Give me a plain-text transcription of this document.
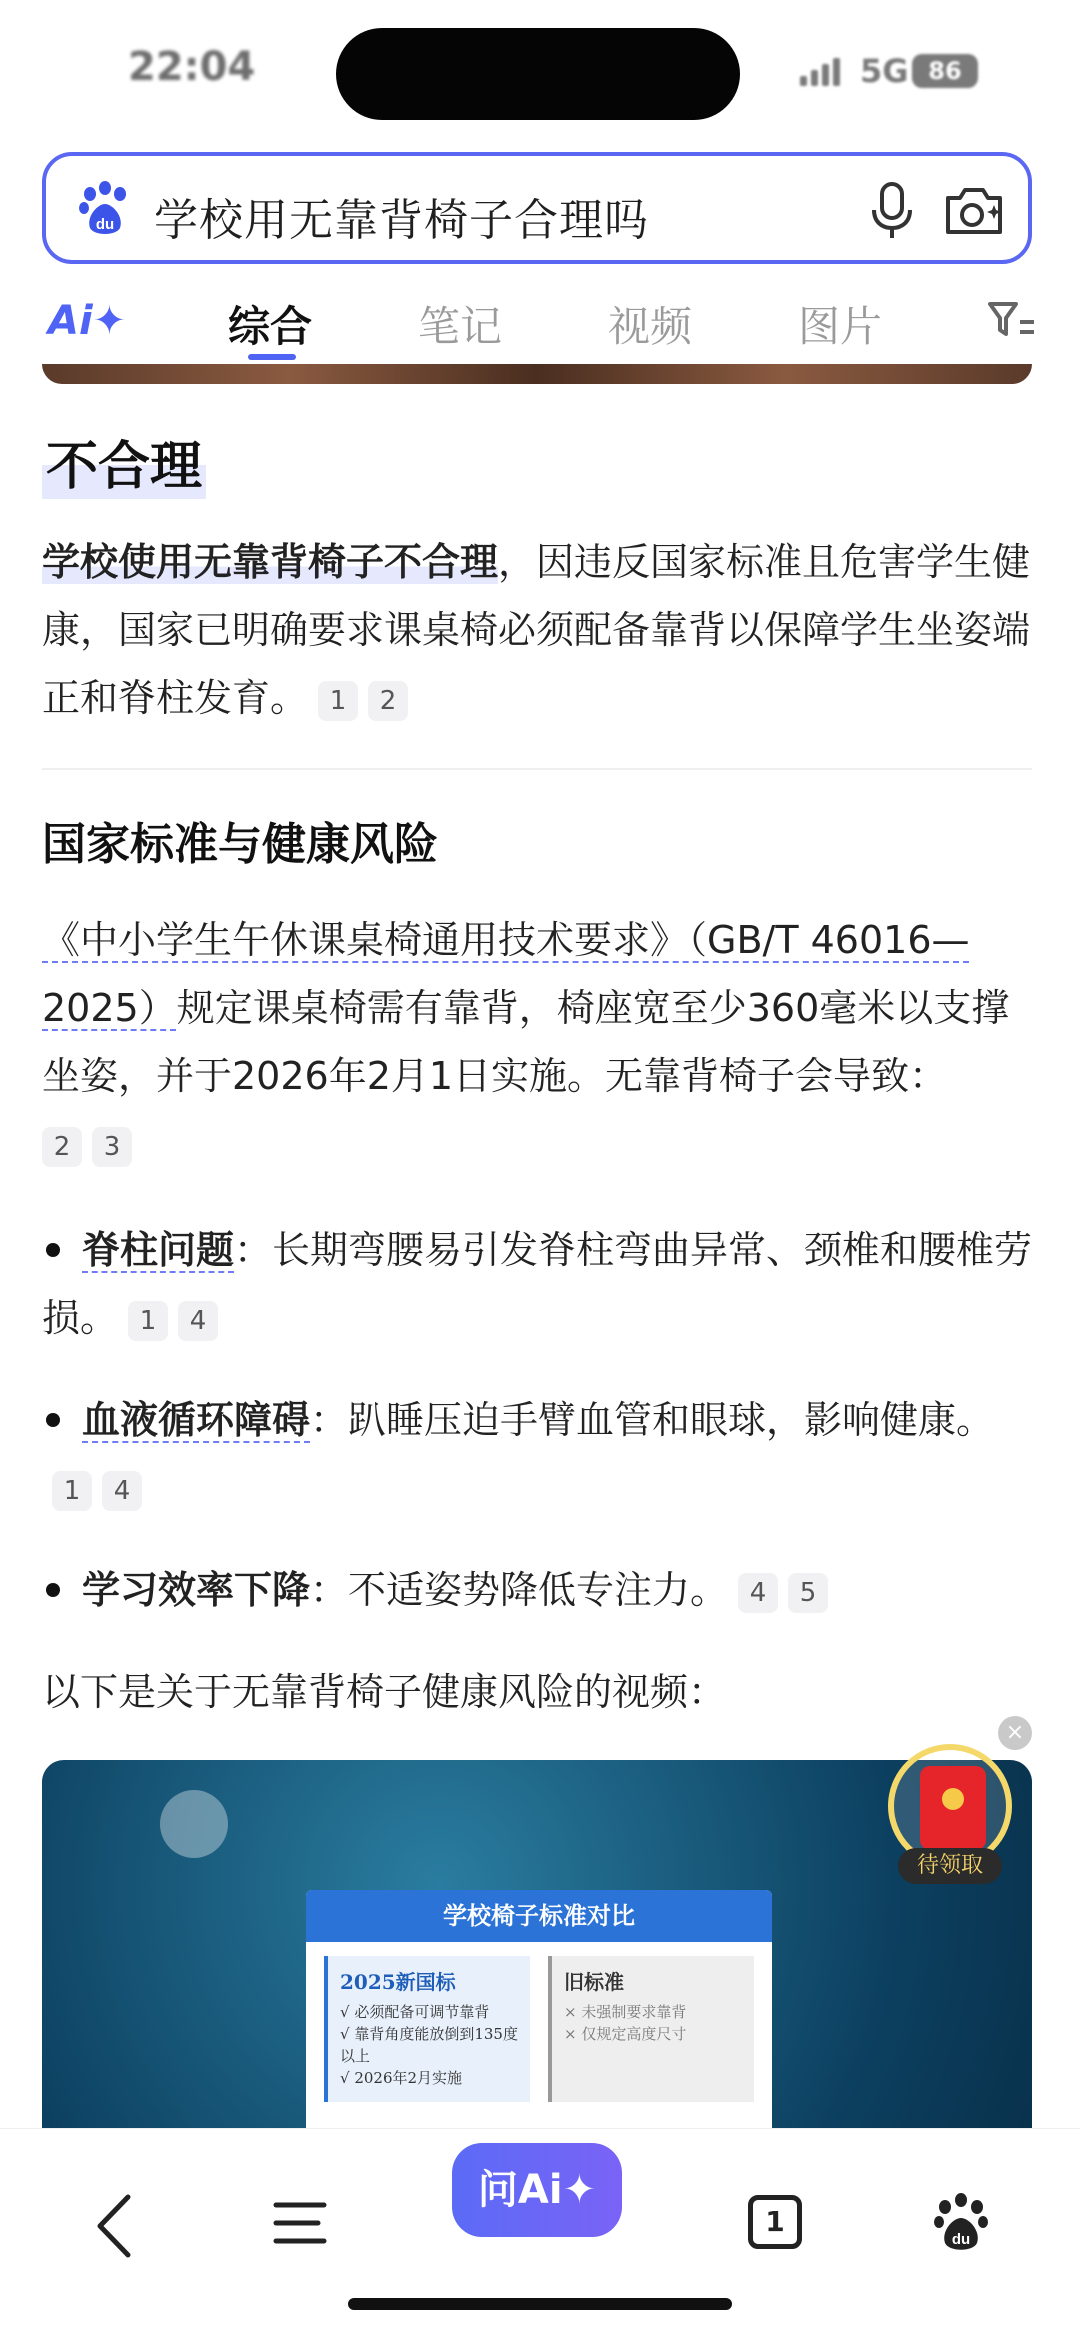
22:04	5G 86
du 学校用无靠背椅子合理吗
Ai✦ 综合	笔记	视频	图片
不合理
学校使用无靠背椅子不合理，因违反国家标准且危害学生健康，国家已明确要求课桌椅必须配备靠背以保障学生坐姿端正和脊柱发育。 1 2
国家标准与健康风险
《中小学生午休课桌椅通用技术要求》（GB/T 46016—2025）规定课桌椅需有靠背，椅座宽至少360毫米以支撑坐姿，并于2026年2月1日实施。无靠背椅子会导致：
2 3
脊柱问题：长期弯腰易引发脊柱弯曲异常、颈椎和腰椎劳损。 1 4
血液循环障碍：趴睡压迫手臂血管和眼球，影响健康。1 4
学习效率下降：不适姿势降低专注力。 4 5
以下是关于无靠背椅子健康风险的视频：
学校椅子标准对比
2025新国标
√ 必须配备可调节靠背
√ 靠背角度能放倒到135度以上
√ 2026年2月实施
旧标准
× 未强制要求靠背
× 仅规定高度尺寸
×
待领取
问Ai✦
1
du
